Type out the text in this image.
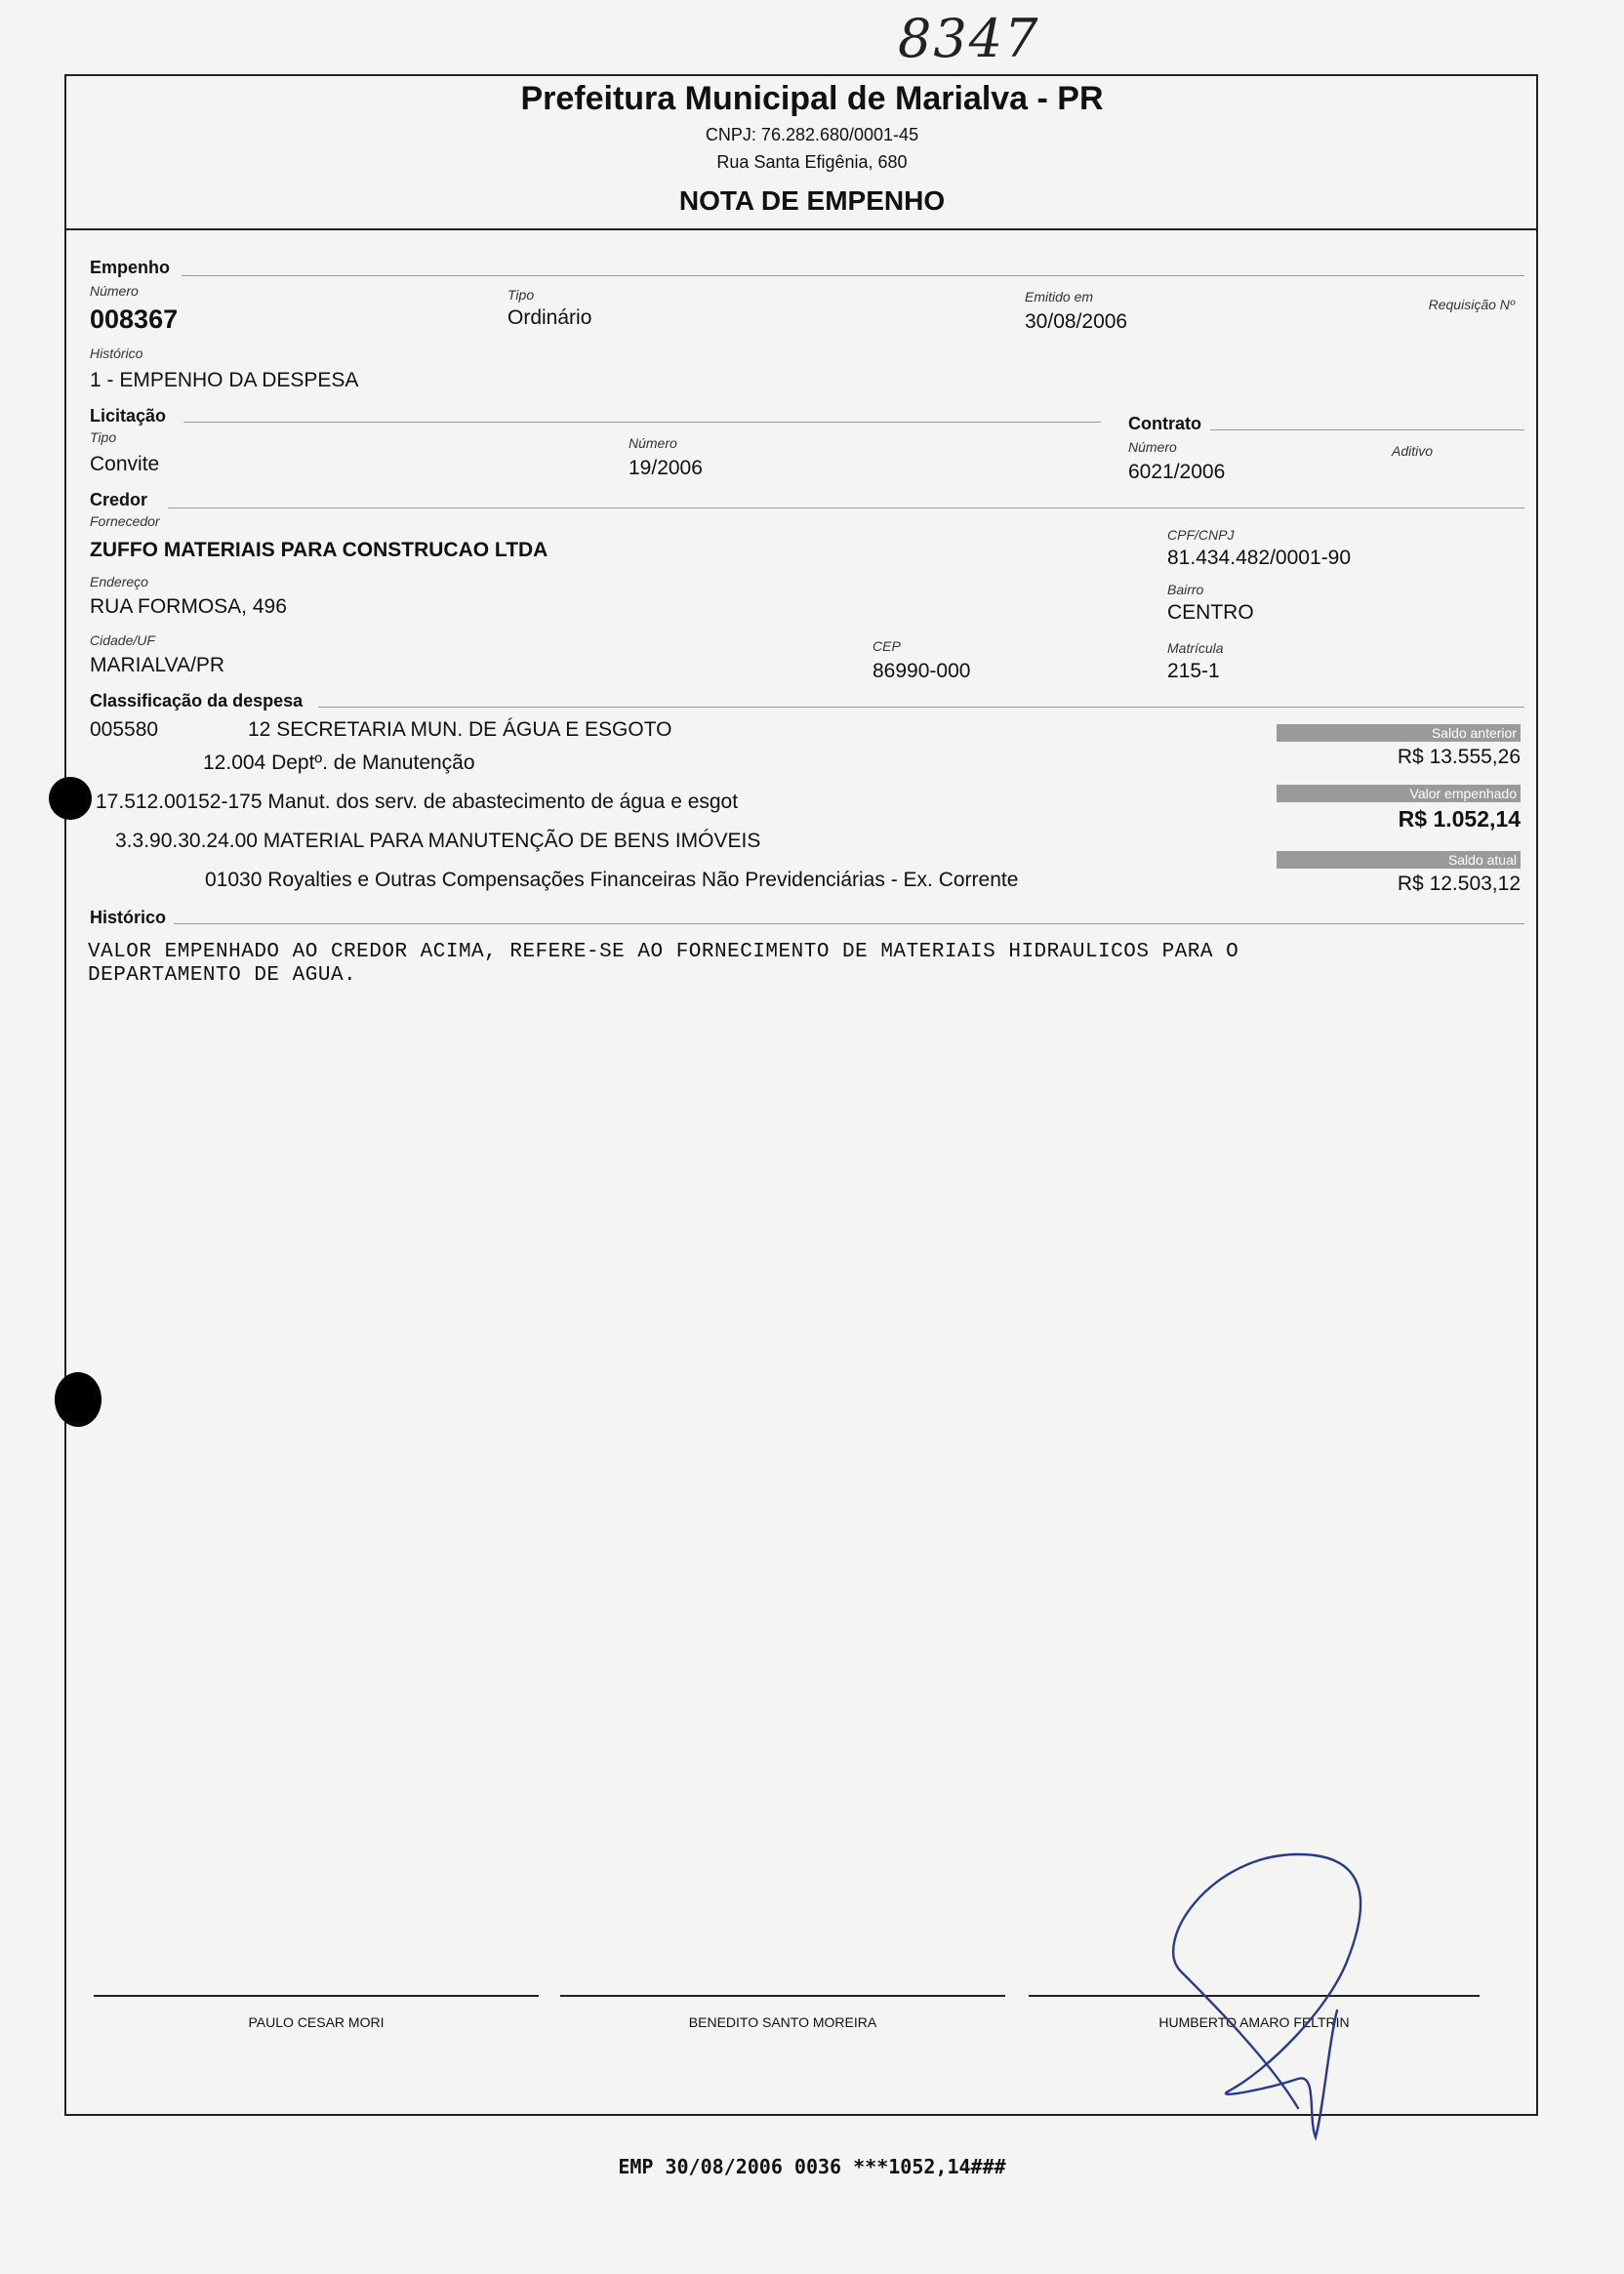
8347
Prefeitura Municipal de Marialva - PR
CNPJ: 76.282.680/0001-45
Rua Santa Efigênia, 680
NOTA DE EMPENHO
Empenho
Número
008367
Tipo
Ordinário
Emitido em
30/08/2006
Requisição Nº
Histórico
1 - EMPENHO DA DESPESA
Licitação
Tipo
Convite
Número
19/2006
Contrato
Número
6021/2006
Aditivo
Credor
Fornecedor
ZUFFO MATERIAIS PARA CONSTRUCAO LTDA
CPF/CNPJ
81.434.482/0001-90
Endereço
RUA FORMOSA, 496
Bairro
CENTRO
Cidade/UF
MARIALVA/PR
CEP
86990-000
Matrícula
215-1
Classificação da despesa
005580	12 SECRETARIA MUN. DE ÁGUA E ESGOTO
12.004 Deptº. de Manutenção
17.512.00152-175 Manut. dos serv. de abastecimento de água e esgot
3.3.90.30.24.00 MATERIAL PARA MANUTENÇÃO DE BENS IMÓVEIS
01030 Royalties e Outras Compensações Financeiras Não Previdenciárias - Ex. Corrente
Saldo anterior
R$ 13.555,26
Valor empenhado
R$ 1.052,14
Saldo atual
R$ 12.503,12
Histórico
VALOR EMPENHADO AO CREDOR ACIMA, REFERE-SE AO FORNECIMENTO DE MATERIAIS HIDRAULICOS PARA O
DEPARTAMENTO DE AGUA.
PAULO CESAR MORI	BENEDITO SANTO MOREIRA	HUMBERTO AMARO FELTRIN
EMP 30/08/2006 0036 ***1052,14###
